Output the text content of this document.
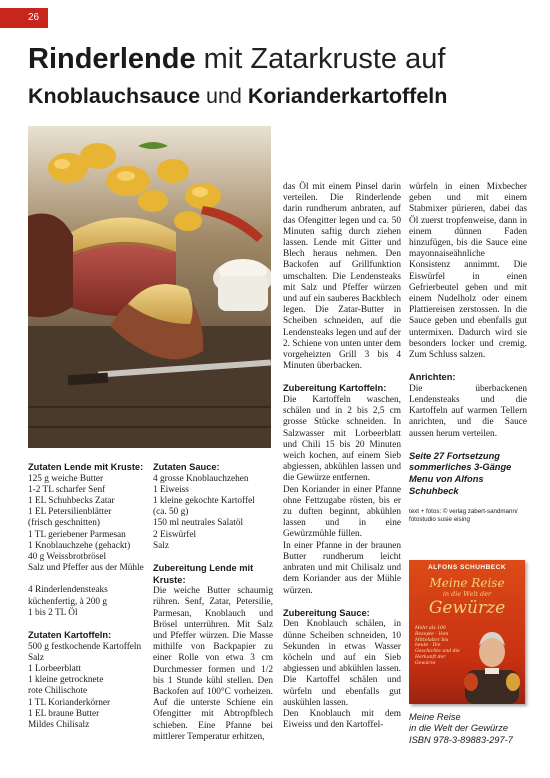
26
Rinderlende mit Zatarkruste auf
Knoblauchsauce und Korianderkartoffeln

Zutaten Lende mit Kruste:

125 g weiche Butter

1-2 TL scharfer Senf

1 EL Schuhbecks Zatar

1 EL Petersilienblätter

(frisch geschnitten)

1 TL geriebener Parmesan

1 Knoblauchzehe (gehackt)

40 g Weissbrotbrösel

Salz und Pfeffer aus der Mühle

4 Rinderlendensteaks

küchenfertig, à 200 g

1 bis 2 TL Öl

Zutaten Kartoffeln:

500 g festkochende Kartoffeln

Salz

1 Lorbeerblatt

1 kleine getrocknete

rote Chilischote

1 TL Korianderkörner

1 EL braune Butter

Mildes Chilisalz

Zutaten Sauce:

4 grosse Knoblauchzehen

1 Eiweiss

1 kleine gekochte Kartoffel

(ca. 50 g)

150 ml neutrales Salatöl

2 Eiswürfel

Salz

Zubereitung Lende mit Kruste:

Die weiche Butter schaumig rühren. Senf, Zatar, Petersilie, Parmesan, Knoblauch und Brösel unterrühren. Mit Salz und Pfeffer würzen. Die Masse mithilfe von Backpapier zu einer Rolle von etwa 3 cm Durchmesser formen und 1/2 bis 1 Stunde kühl stellen. Den Backofen auf 100°C vorheizen. Auf die unterste Schiene ein Ofengitter mit Abtropfblech schieben. Eine Pfanne bei mittlerer Temperatur erhitzen,

das Öl mit einem Pinsel darin verteilen. Die Rinderlende darin rundherum anbraten, auf das Ofengitter legen und ca. 50 Minuten saftig durch ziehen lassen. Lende mit Gitter und Blech heraus nehmen. Den Backofen auf Grillfunktion umschalten. Die Lendensteaks mit Salz und Pfeffer würzen und auf ein sauberes Backblech legen. Die Zatar-Butter in Scheiben schneiden, auf die Lendensteaks legen und auf der 2. Schiene von unten unter dem vorgeheizten Grill 3 bis 4 Minuten überbacken.

Zubereitung Kartoffeln:

Die Kartoffeln waschen, schälen und in 2 bis 2,5 cm grosse Stücke schneiden. In Salzwasser mit Lorbeerblatt und Chili 15 bis 20 Minuten weich kochen, auf einem Sieb abgiessen, abkühlen lassen und die Gewürze entfernen.

Den Koriander in einer Pfanne ohne Fettzugabe rösten, bis er zu duften beginnt, abkühlen lassen und in eine Gewürzmühle füllen.

In einer Pfanne in der braunen Butter rundherum leicht anbraten und mit Chilisalz und dem Koriander aus der Mühle würzen.

Zubereitung Sauce:

Den Knoblauch schälen, in dünne Scheiben schneiden, 10 Sekunden in etwas Wasser köcheln und auf ein Sieb abgiessen und abkühlen lassen. Die Kartoffel schälen und würfeln und ebenfalls gut auskühlen lassen.

Den Knoblauch mit dem Eiweiss und den Kartoffel-

würfeln in einen Mixbecher geben und mit einem Stabmixer pürieren, dabei das Öl zuerst tropfenweise, dann in einem dünnen Faden hinzufügen, bis die Sauce eine mayonnaiseähnliche Konsistenz annimmt. Die Eiswürfel in einen Gefrierbeutel geben und mit einem Nudelholz oder einem Plattiereisen zerstossen. In die Sauce geben und ebenfalls gut untermixen. Dadurch wird sie besonders locker und cremig. Zum Schluss salzen.

Anrichten:

Die überbackenen Lendensteaks und die Kartoffeln auf warmen Tellern anrichten, und die Sauce aussen herum verteilen.

Seite 27 Fortsetzung sommerliches 3-Gänge Menu von Alfons Schuhbeck

text + fotos: © verlag zabert-sandmann/ fotostudio susie eising
ALFONS SCHUHBECK
Meine Reise
in die Welt der
Gewürze
Mehr als 100 Rezepte · Vom Mittelalter bis heute · Die Geschichte und die Herkunft der Gewürze

Meine Reise

in die Welt der Gewürze

ISBN 978-3-89883-297-7
